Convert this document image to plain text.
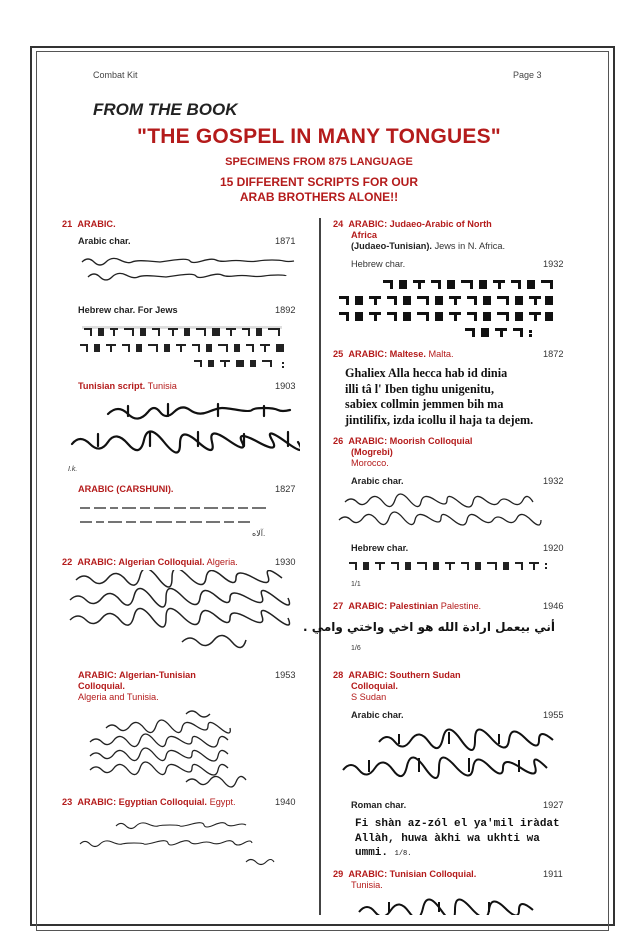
Combat Kit	Page 3
FROM THE BOOK
"THE GOSPEL IN MANY TONGUES"
SPECIMENS FROM 875 LANGUAGE
15 DIFFERENT SCRIPTS FOR OUR
ARAB BROTHERS ALONE!!
21 ARABIC.
Arabic char.	1871
Hebrew char. For Jews	1892
Tunisian script. Tunisia	1903
I.k.
ARABIC (CARSHUNI).	1827
آلاه.
22 ARABIC: Algerian Colloquial. Algeria.	1930
ARABIC: Algerian-Tunisian	1953
Colloquial.
Algeria and Tunisia.
23 ARABIC: Egyptian Colloquial. Egypt.	1940
24 ARABIC: Judaeo-Arabic of North
Africa
(Judaeo-Tunisian). Jews in N. Africa.
Hebrew char.	1932
25 ARABIC: Maltese. Malta.	1872
Ghaliex Alla hecca hab id dinia
illi tâ l' Iben tighu unigenitu,
sabiex collmin jemmen bih ma
jintilifix, izda icollu il haja ta dejem.
26 ARABIC: Moorish Colloquial
(Mogrebi)
Morocco.
Arabic char.	1932
Hebrew char.	1920
1/1
27 ARABIC: Palestinian Palestine.	1946
أني بيعمل ارادة الله هو اخي واختي وامي .
1/6
28 ARABIC: Southern Sudan
Colloquial.
S Sudan
Arabic char.	1955
Roman char.	1927
Fi shàn az-zól el ya'mil iràdat
Allàh, huwa àkhi wa ukhti wa
ummi. 1/8.
29 ARABIC: Tunisian Colloquial.	1911
Tunisia.
